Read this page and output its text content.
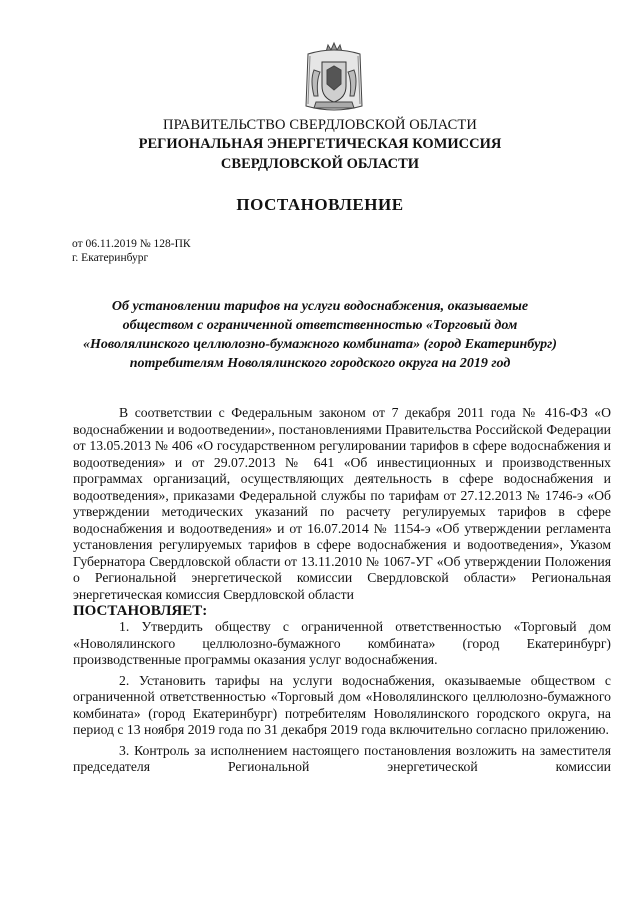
ПРАВИТЕЛЬСТВО СВЕРДЛОВСКОЙ ОБЛАСТИ
РЕГИОНАЛЬНАЯ ЭНЕРГЕТИЧЕСКАЯ КОМИССИЯ
СВЕРДЛОВСКОЙ ОБЛАСТИ
ПОСТАНОВЛЕНИЕ
от 06.11.2019 № 128-ПК
г. Екатеринбург
Об установлении тарифов на услуги водоснабжения, оказываемые
обществом с ограниченной ответственностью «Торговый дом
«Новолялинского целлюлозно-бумажного комбината» (город Екатеринбург)
потребителям Новолялинского городского округа на 2019 год

В соответствии с Федеральным законом от 7 декабря 2011 года № 416-ФЗ «О водоснабжении и водоотведении», постановлениями Правительства Российской Федерации от 13.05.2013 № 406 «О государственном регулировании тарифов в сфере водоснабжения и водоотведения» и от 29.07.2013 № 641 «Об инвестиционных и производственных программах организаций, осуществляющих деятельность в сфере водоснабжения и водоотведения», приказами Федеральной службы по тарифам от 27.12.2013 № 1746-э «Об утверждении методических указаний по расчету регулируемых тарифов в сфере водоснабжения и водоотведения» и от 16.07.2014 № 1154-э «Об утверждении регламента установления регулируемых тарифов в сфере водоснабжения и водоотведения», Указом Губернатора Свердловской области от 13.11.2010 № 1067-УГ «Об утверждении Положения о Региональной энергетической комиссии Свердловской области» Региональная энергетическая комиссия Свердловской области

ПОСТАНОВЛЯЕТ:

1. Утвердить обществу с ограниченной ответственностью «Торговый дом «Новолялинского целлюлозно-бумажного комбината» (город Екатеринбург) производственные программы оказания услуг водоснабжения.

2. Установить тарифы на услуги водоснабжения, оказываемые обществом с ограниченной ответственностью «Торговый дом «Новолялинского целлюлозно-бумажного комбината» (город Екатеринбург) потребителям Новолялинского городского округа, на период с 13 ноября 2019 года по 31 декабря 2019 года включительно согласно приложению.

3. Контроль за исполнением настоящего постановления возложить на заместителя председателя Региональной энергетической комиссии
